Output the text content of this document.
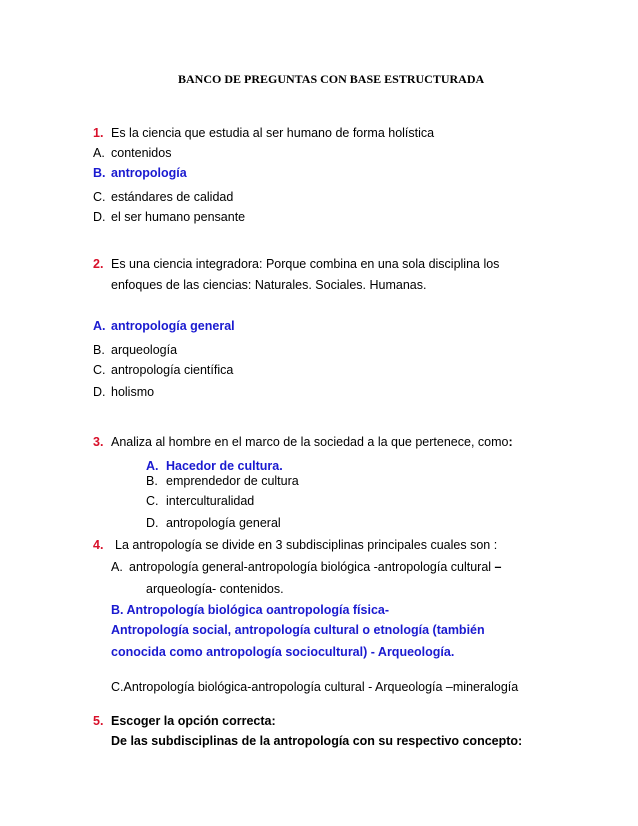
BANCO DE PREGUNTAS CON BASE ESTRUCTURADA
1. Es la ciencia que estudia al ser humano de forma holística
A. contenidos
B. antropología
C. estándares de calidad
D. el ser humano pensante
2. Es una ciencia integradora: Porque combina en una sola disciplina los
enfoques de las ciencias: Naturales. Sociales. Humanas.
A. antropología general
B. arqueología
C. antropología científica
D. holismo
3. Analiza al hombre en el marco de la sociedad a la que pertenece, como:
A. Hacedor de cultura.
B. emprendedor de cultura
C. interculturalidad
D. antropología general
4. La antropología se divide en 3 subdisciplinas principales cuales son :
A. antropología general-antropología biológica -antropología cultural –
arqueología- contenidos.
B. Antropología biológica oantropología física-
Antropología social, antropología cultural o etnología (también
conocida como antropología sociocultural) - Arqueología.
C.Antropología biológica-antropología cultural - Arqueología –mineralogía
5. Escoger la opción correcta:
De las subdisciplinas de la antropología con su respectivo concepto:
